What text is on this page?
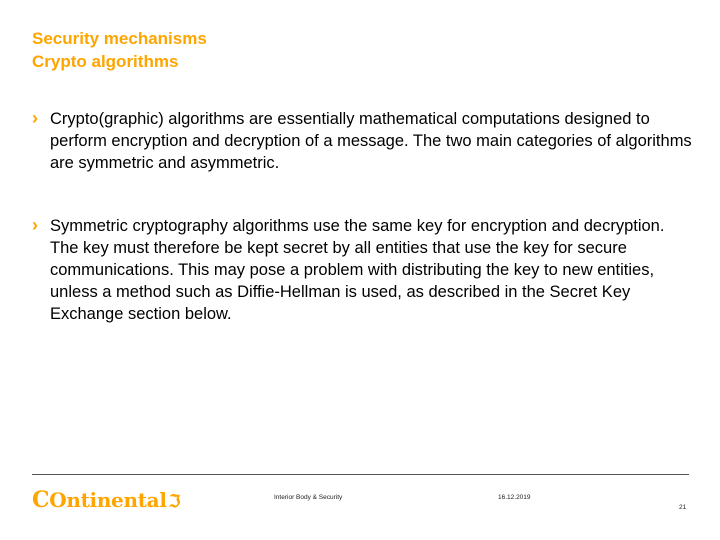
Security mechanisms
Crypto algorithms
› Crypto(graphic) algorithms are essentially mathematical computations designed to perform encryption and decryption of a message. The two main categories of algorithms are symmetric and asymmetric.
› Symmetric cryptography algorithms use the same key for encryption and decryption. The key must therefore be kept secret by all entities that use the key for secure communications. This may pose a problem with distributing the key to new entities, unless a method such as Diffie-Hellman is used, as described in the Secret Key Exchange section below.
COntinental ℑ	Interior Body & Security	16.12.2019
21
